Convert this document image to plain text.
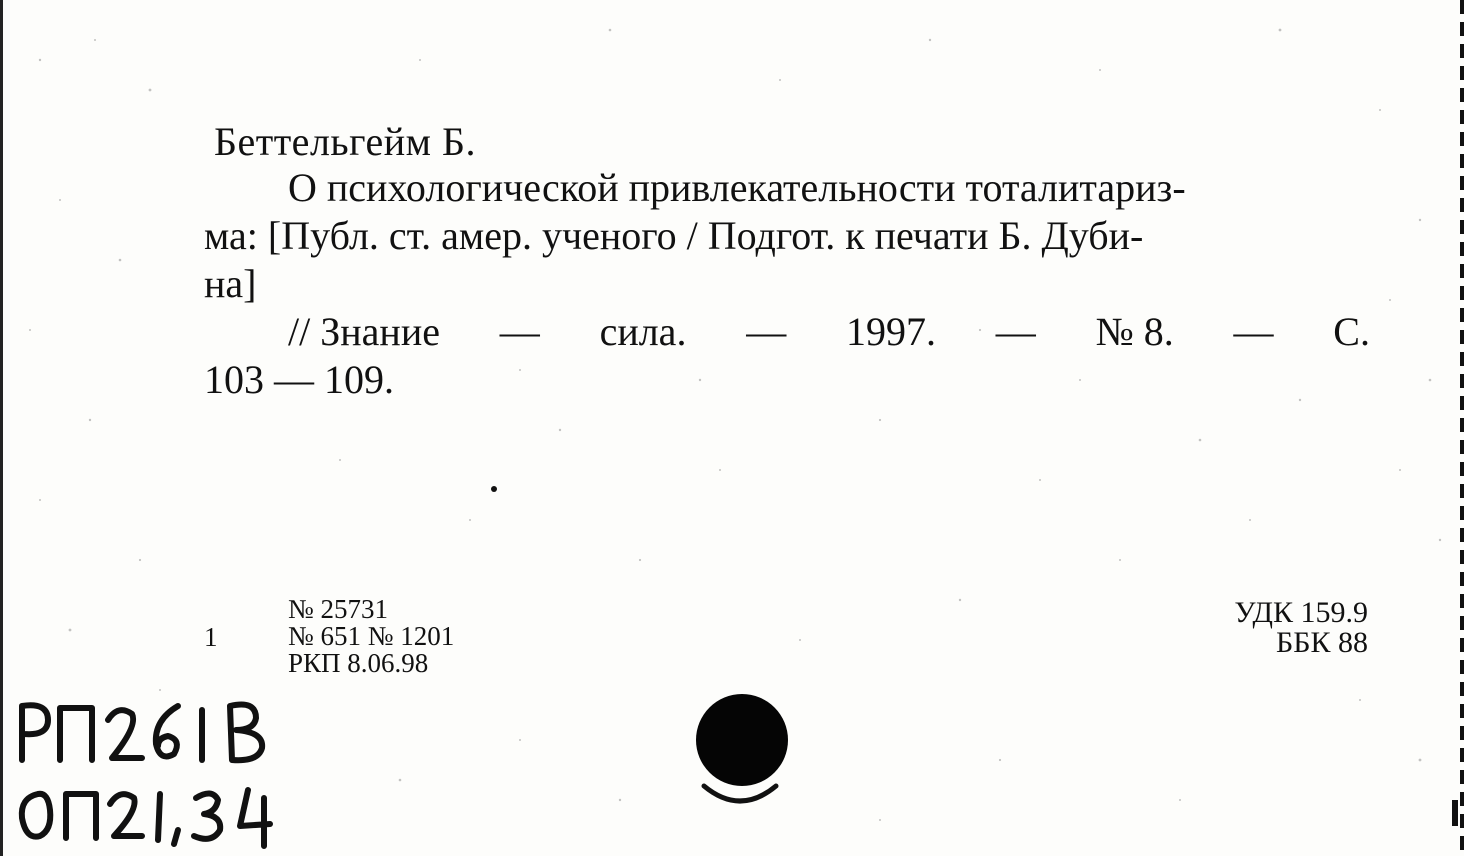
Беттельгейм Б.
О психологической привлекательности тоталитариз-
ма: [Публ. ст. амер. ученого / Подгот. к печати Б. Дуби-
на]
// Знание — сила. — 1997. — № 8. — С.
103 — 109.
1
№ 25731
№ 651 № 1201
РКП 8.06.98
УДК 159.9
ББК 88
